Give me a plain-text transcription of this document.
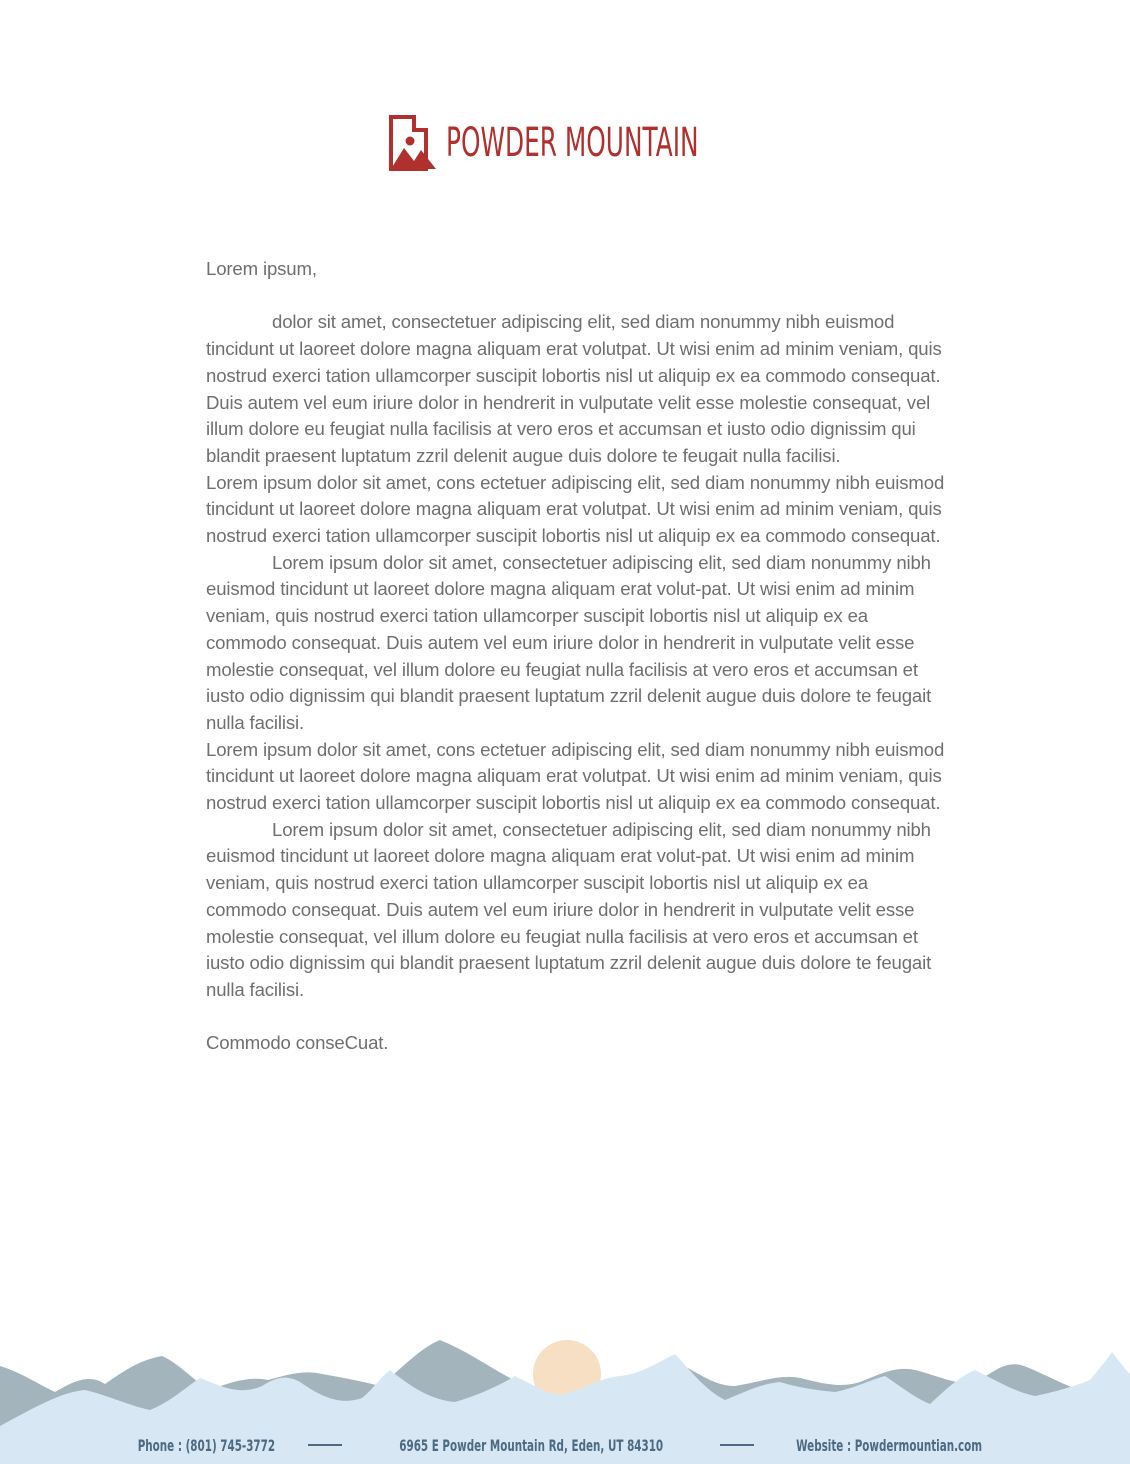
POWDER MOUNTAIN

Lorem ipsum,

dolor sit amet, consectetuer adipiscing elit, sed diam nonummy nibh euismod tincidunt ut laoreet dolore magna aliquam erat volutpat. Ut wisi enim ad minim veniam, quis nostrud exerci tation ullamcorper suscipit lobortis nisl ut aliquip ex ea commodo consequat. Duis autem vel eum iriure dolor in hendrerit in vulputate velit esse molestie consequat, vel illum dolore eu feugiat nulla facilisis at vero eros et accumsan et iusto odio dignissim qui blandit praesent luptatum zzril delenit augue duis dolore te feugait nulla facilisi.

Lorem ipsum dolor sit amet, cons ectetuer adipiscing elit, sed diam nonummy nibh euismod tincidunt ut laoreet dolore magna aliquam erat volutpat. Ut wisi enim ad minim veniam, quis nostrud exerci tation ullamcorper suscipit lobortis nisl ut aliquip ex ea commodo consequat.

Lorem ipsum dolor sit amet, consectetuer adipiscing elit, sed diam nonummy nibh euismod tincidunt ut laoreet dolore magna aliquam erat volut-pat. Ut wisi enim ad minim veniam, quis nostrud exerci tation ullamcorper suscipit lobortis nisl ut aliquip ex ea commodo consequat. Duis autem vel eum iriure dolor in hendrerit in vulputate velit esse molestie consequat, vel illum dolore eu feugiat nulla facilisis at vero eros et accumsan et iusto odio dignissim qui blandit praesent luptatum zzril delenit augue duis dolore te feugait nulla facilisi.

Lorem ipsum dolor sit amet, cons ectetuer adipiscing elit, sed diam nonummy nibh euismod tincidunt ut laoreet dolore magna aliquam erat volutpat. Ut wisi enim ad minim veniam, quis nostrud exerci tation ullamcorper suscipit lobortis nisl ut aliquip ex ea commodo consequat.

Lorem ipsum dolor sit amet, consectetuer adipiscing elit, sed diam nonummy nibh euismod tincidunt ut laoreet dolore magna aliquam erat volut-pat. Ut wisi enim ad minim veniam, quis nostrud exerci tation ullamcorper suscipit lobortis nisl ut aliquip ex ea commodo consequat. Duis autem vel eum iriure dolor in hendrerit in vulputate velit esse molestie consequat, vel illum dolore eu feugiat nulla facilisis at vero eros et accumsan et iusto odio dignissim qui blandit praesent luptatum zzril delenit augue duis dolore te feugait nulla facilisi.

Commodo conseCuat.

Phone : (801) 745-3772	6965 E Powder Mountain Rd, Eden, UT 84310	Website : Powdermountian.com
